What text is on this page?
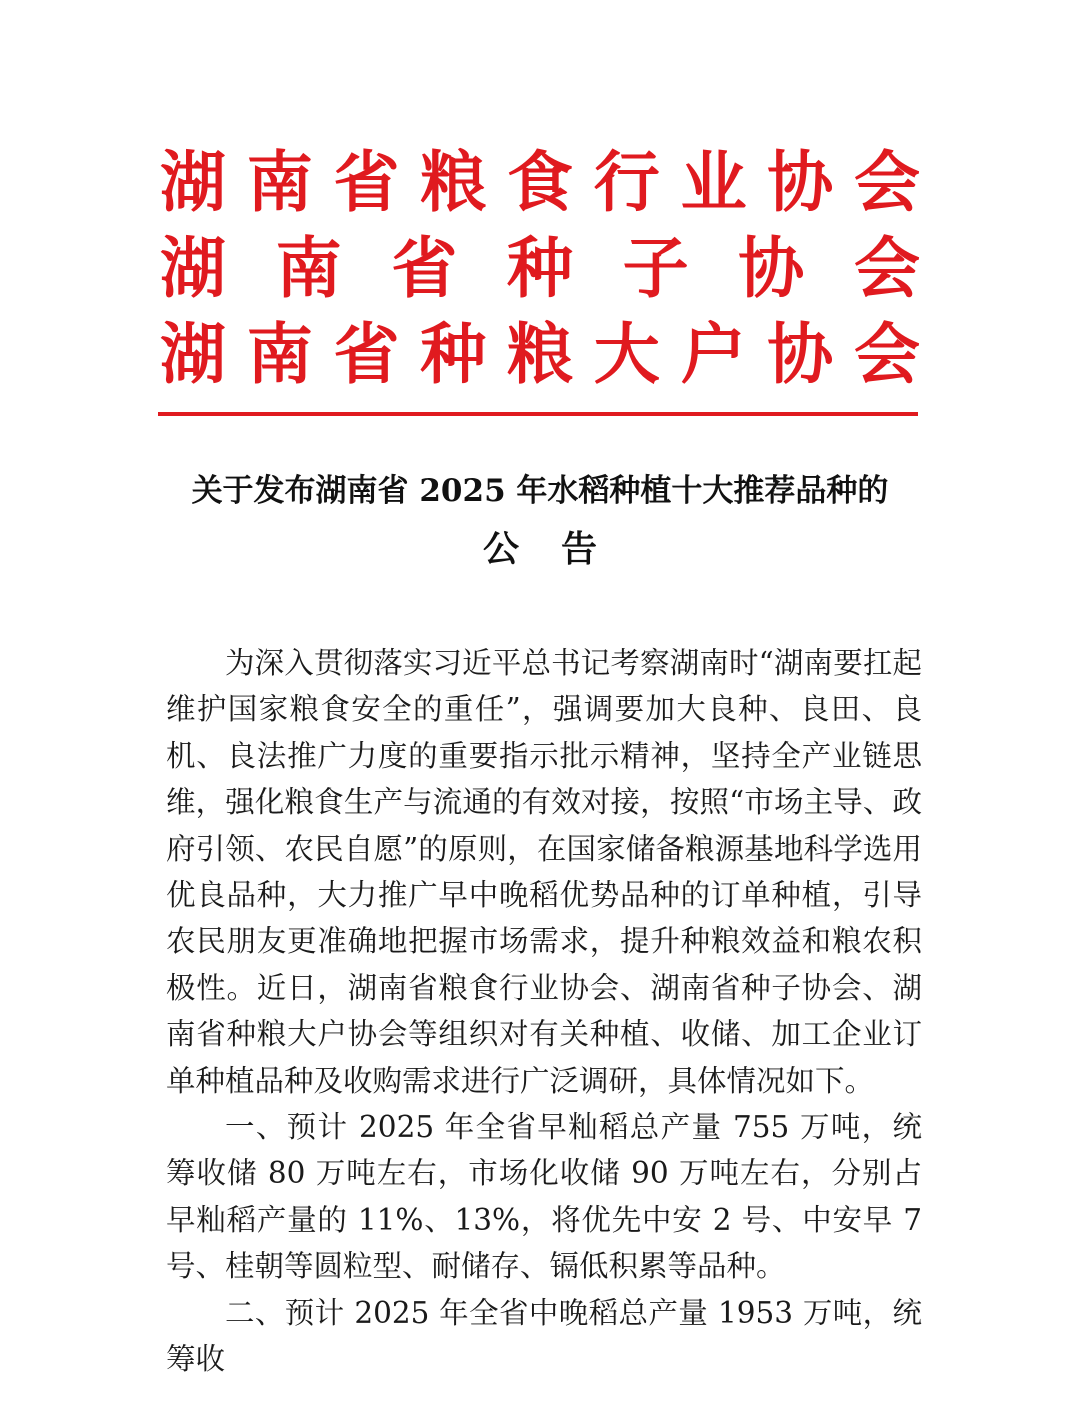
湖 南 省 粮 食 行 业 协 会
湖 南 省 种 子 协 会
湖 南 省 种 粮 大 户 协 会
关于发布湖南省 2025 年水稻种植十大推荐品种的
公告

为深入贯彻落实习近平总书记考察湖南时“湖南要扛起维护国家粮食安全的重任”，强调要加大良种、良田、良机、良法推广力度的重要指示批示精神，坚持全产业链思维，强化粮食生产与流通的有效对接，按照“市场主导、政府引领、农民自愿”的原则，在国家储备粮源基地科学选用优良品种，大力推广早中晚稻优势品种的订单种植，引导农民朋友更准确地把握市场需求，提升种粮效益和粮农积极性。近日，湖南省粮食行业协会、湖南省种子协会、湖南省种粮大户协会等组织对有关种植、收储、加工企业订单种植品种及收购需求进行广泛调研，具体情况如下。

一、预计 2025 年全省早籼稻总产量 755 万吨，统筹收储 80 万吨左右，市场化收储 90 万吨左右，分别占早籼稻产量的 11%、13%，将优先中安 2 号、中安早 7 号、桂朝等圆粒型、耐储存、镉低积累等品种。

二、预计 2025 年全省中晚稻总产量 1953 万吨，统筹收
